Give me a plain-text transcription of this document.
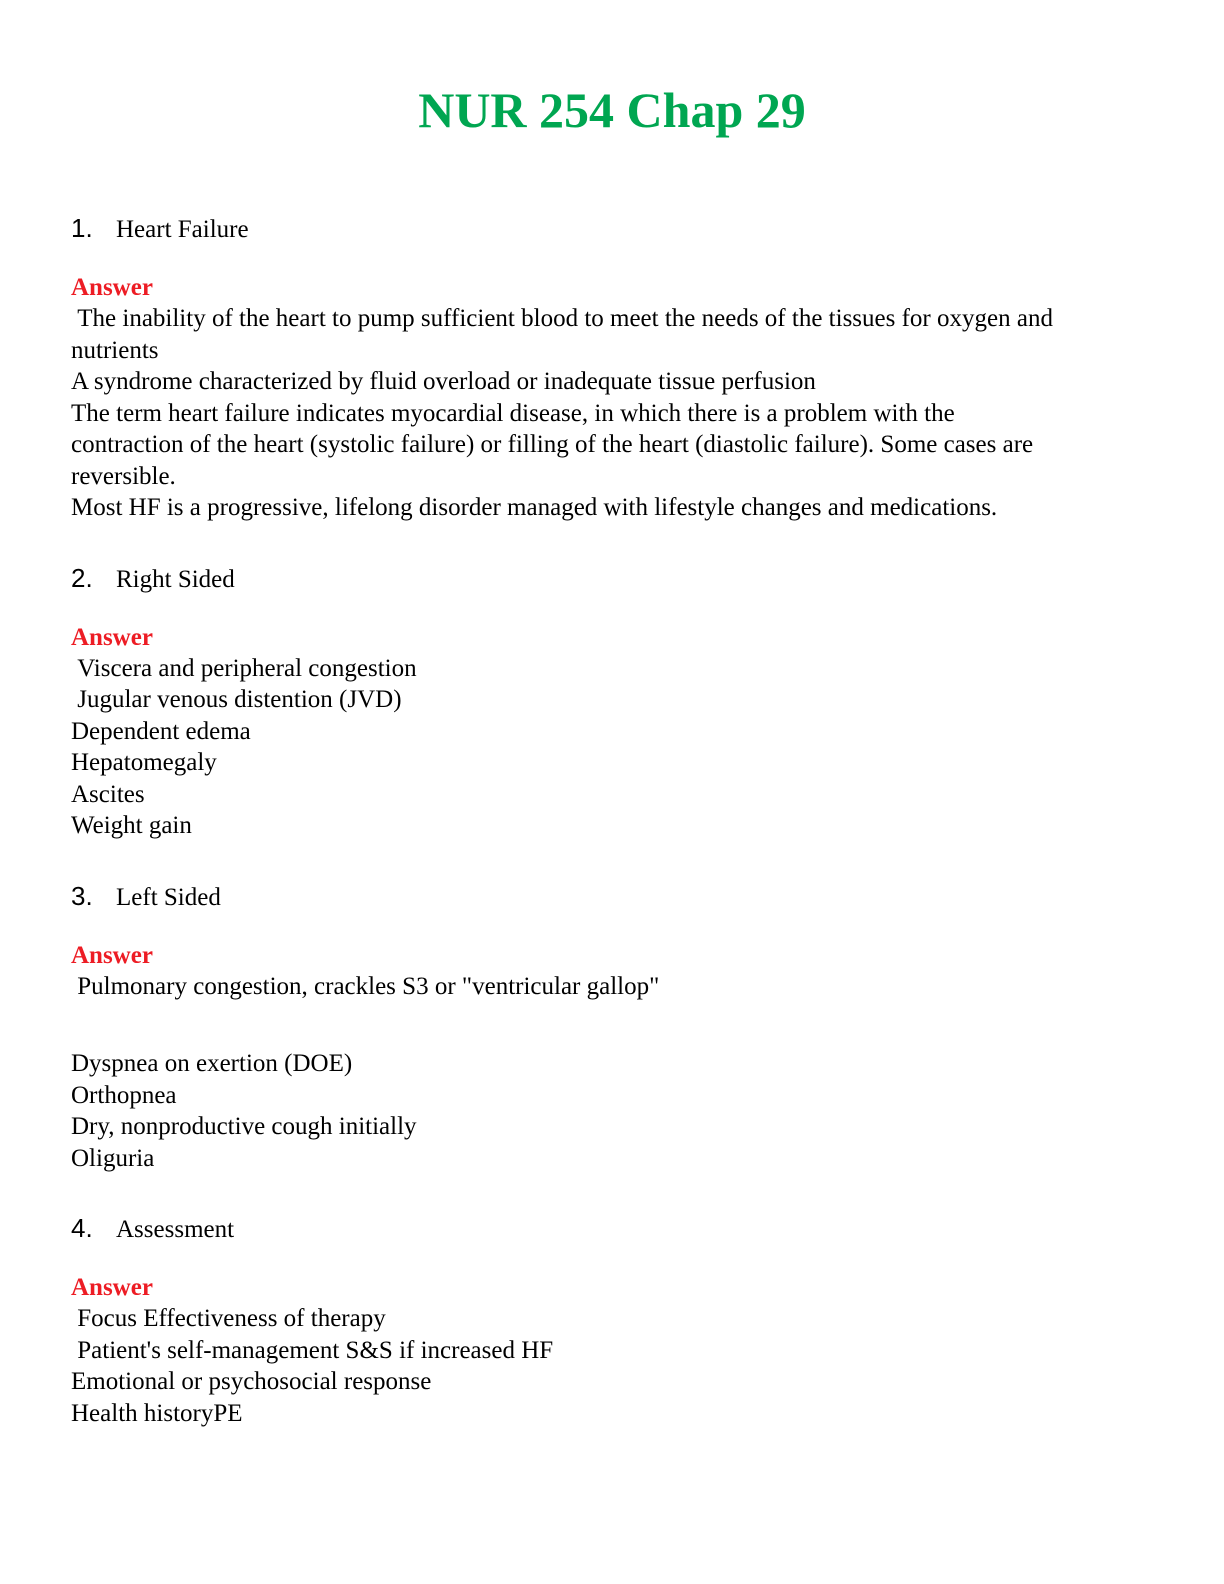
NUR 254 Chap 29
1. Heart Failure
Answer
The inability of the heart to pump sufficient blood to meet the needs of the tissues for oxygen and
nutrients
A syndrome characterized by fluid overload or inadequate tissue perfusion
The term heart failure indicates myocardial disease, in which there is a problem with the
contraction of the heart (systolic failure) or filling of the heart (diastolic failure). Some cases are
reversible.
Most HF is a progressive, lifelong disorder managed with lifestyle changes and medications.
2. Right Sided
Answer
Viscera and peripheral congestion
Jugular venous distention (JVD)
Dependent edema
Hepatomegaly
Ascites
Weight gain
3. Left Sided
Answer
Pulmonary congestion, crackles S3 or "ventricular gallop"
Dyspnea on exertion (DOE)
Orthopnea
Dry, nonproductive cough initially
Oliguria
4. Assessment
Answer
Focus Effectiveness of therapy
Patient's self-management S&S if increased HF
Emotional or psychosocial response
Health historyPE
